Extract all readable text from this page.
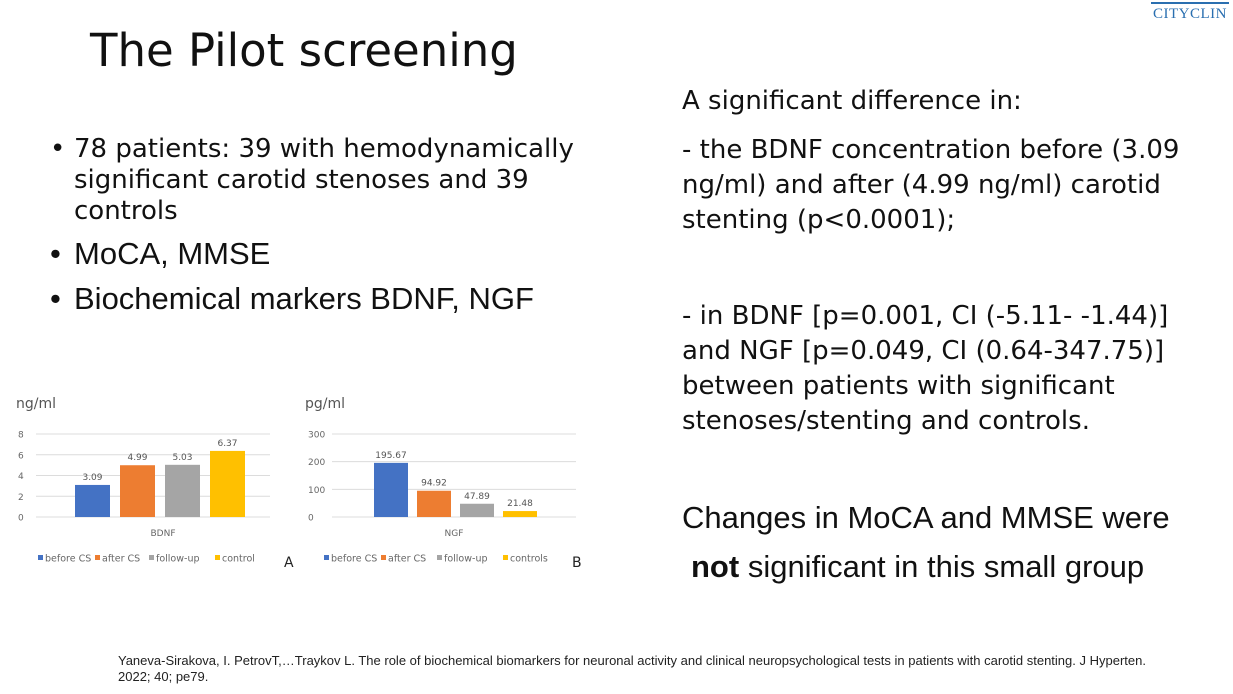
CITYCLIN
The Pilot screening
• 78 patients: 39 with hemodynamically significant carotid stenoses and 39 controls
• MoCA, MMSE
• Biochemical markers BDNF, NGF
ng/ml
0
2
4
6
8
3.09
4.99	5.03
6.37
BDNF
before CS after CS follow-up control A
pg/ml
0
100
200
300
195.67
94.92
47.89
21.48
NGF
before CS after CS follow-up controls B
A significant difference in:
- the BDNF concentration before (3.09 ng/ml) and after (4.99 ng/ml) carotid stenting (p<0.0001);
- in BDNF [p=0.001, CI (-5.11- -1.44)] and NGF [p=0.049, CI (0.64-347.75)] between patients with significant stenoses/stenting and controls.
Changes in MoCA and MMSE were
not significant in this small group
Yaneva-Sirakova, I. PetrovT,…Traykov L. The role of biochemical biomarkers for neuronal activity and clinical neuropsychological tests in patients with carotid stenting. J Hyperten. 2022; 40; pe79.
